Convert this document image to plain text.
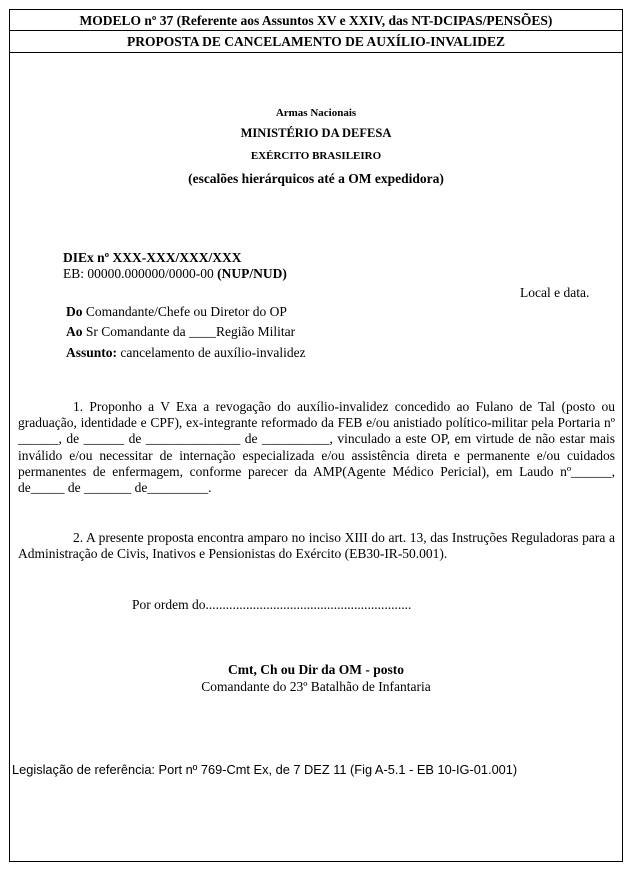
MODELO nº 37 (Referente aos Assuntos XV e XXIV, das NT-DCIPAS/PENSÕES)
PROPOSTA DE CANCELAMENTO DE AUXÍLIO-INVALIDEZ
Armas Nacionais
MINISTÉRIO DA DEFESA
EXÉRCITO BRASILEIRO
(escalões hierárquicos até a OM expedidora)
DIEx nº XXX-XXX/XXX/XXX
EB: 00000.000000/0000-00 (NUP/NUD)
Local e data.
Do Comandante/Chefe ou Diretor do OP
Ao Sr Comandante da ____Região Militar
Assunto: cancelamento de auxílio-invalidez
1. Proponho a V Exa a revogação do auxílio-invalidez concedido ao Fulano de Tal (posto ou graduação, identidade e CPF), ex-integrante reformado da FEB e/ou anistiado político-militar pela Portaria nº ______, de ______ de ______________ de __________, vinculado a este OP, em virtude de não estar mais inválido e/ou necessitar de internação especializada e/ou assistência direta e permanente e/ou cuidados permanentes de enfermagem, conforme parecer da AMP(Agente Médico Pericial), em Laudo nº______, de_____ de _______ de_________.
2. A presente proposta encontra amparo no inciso XIII do art. 13, das Instruções Reguladoras para a Administração de Civis, Inativos e Pensionistas do Exército (EB30-IR-50.001).
Por ordem do.............................................................
Cmt, Ch ou Dir da OM - posto
Comandante do 23º Batalhão de Infantaria
Legislação de referência: Port nº 769-Cmt Ex, de 7 DEZ 11 (Fig A-5.1 - EB 10-IG-01.001)
